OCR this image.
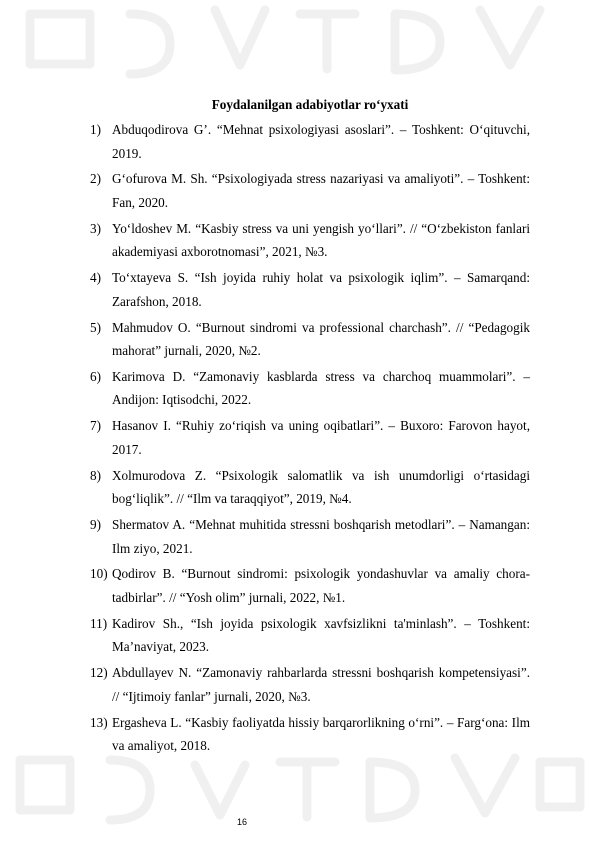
Foydalanilgan adabiyotlar ro‘yxati
1) Abduqodirova G’. “Mehnat psixologiyasi asoslari”. – Toshkent: O‘qituvchi, 2019.
2) G‘ofurova M. Sh. “Psixologiyada stress nazariyasi va amaliyoti”. – Toshkent: Fan, 2020.
3) Yo‘ldoshev M. “Kasbiy stress va uni yengish yo‘llari”. // “O‘zbekiston fanlari akademiyasi axborotnomasi”, 2021, №3.
4) To‘xtayeva S. “Ish joyida ruhiy holat va psixologik iqlim”. – Samarqand: Zarafshon, 2018.
5) Mahmudov O. “Burnout sindromi va professional charchash”. // “Pedagogik mahorat” jurnali, 2020, №2.
6) Karimova D. “Zamonaviy kasblarda stress va charchoq muammolari”. – Andijon: Iqtisodchi, 2022.
7) Hasanov I. “Ruhiy zo‘riqish va uning oqibatlari”. – Buxoro: Farovon hayot, 2017.
8) Xolmurodova Z. “Psixologik salomatlik va ish unumdorligi o‘rtasidagi bog‘liqlik”. // “Ilm va taraqqiyot”, 2019, №4.
9) Shermatov A. “Mehnat muhitida stressni boshqarish metodlari”. – Namangan: Ilm ziyo, 2021.
10) Qodirov B. “Burnout sindromi: psixologik yondashuvlar va amaliy chora-tadbirlar”. // “Yosh olim” jurnali, 2022, №1.
11) Kadirov Sh., “Ish joyida psixologik xavfsizlikni ta'minlash”. – Toshkent: Ma’naviyat, 2023.
12) Abdullayev N. “Zamonaviy rahbarlarda stressni boshqarish kompetensiyasi”. // “Ijtimoiy fanlar” jurnali, 2020, №3.
13) Ergasheva L. “Kasbiy faoliyatda hissiy barqarorlikning o‘rni”. – Farg‘ona: Ilm va amaliyot, 2018.
16
